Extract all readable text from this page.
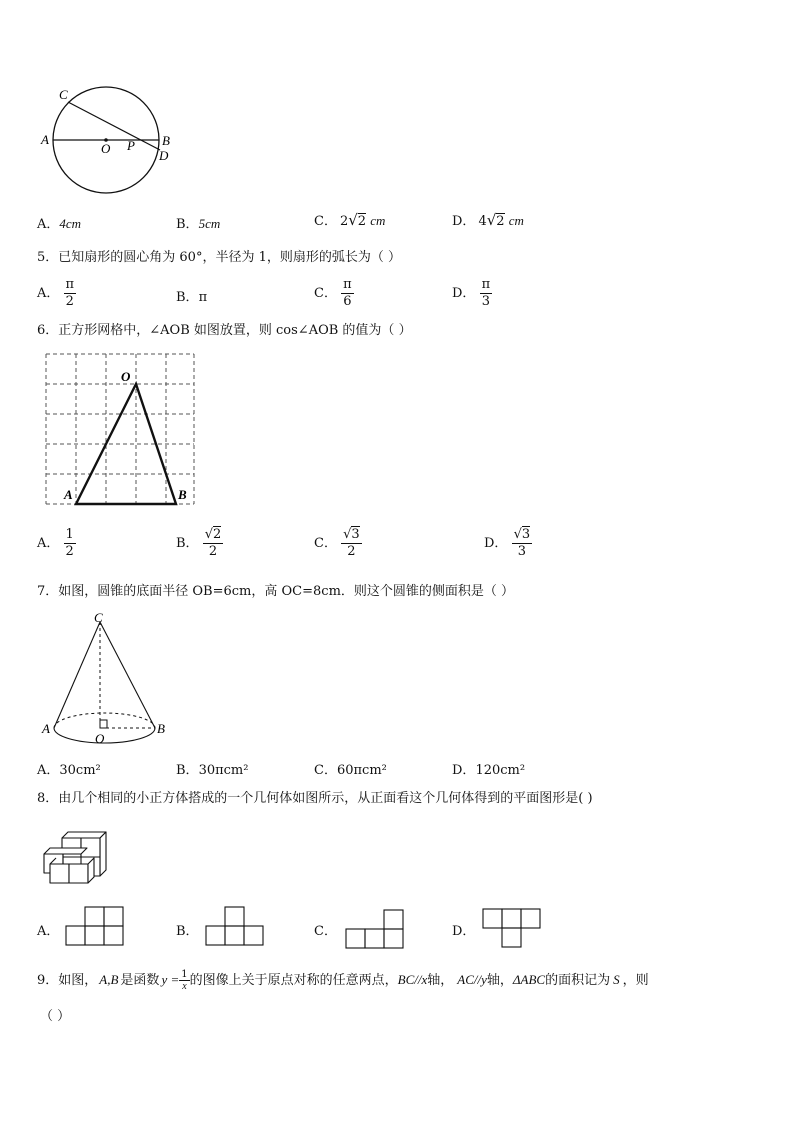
C
A	B
O P
D
A．4cm	B．5cm	C． 2√2 cm	D． 4√2 cm
5．已知扇形的圆心角为 60°，半径为 1，则扇形的弧长为（ ）
A． $\frac{\pi}{2}$	B．π	C． $\frac{\pi}{6}$	D． $\frac{\pi}{3}$
6．正方形网格中，∠AOB 如图放置，则 cos∠AOB 的值为（ ）
O
A	B
A． $\frac{1}{2}$	B． $\frac{√2}{2}$	C． $\frac{√3}{2}$	D． $\frac{√3}{3}$
7．如图，圆锥的底面半径 OB=6cm，高 OC=8cm．则这个圆锥的侧面积是（ ）
C
A	B
O
A．30cm²	B．30πcm²	C．60πcm²	D．120cm²
8．由几个相同的小正方体搭成的一个几何体如图所示，从正面看这个几何体得到的平面图形是( )
A．	B．	C．	D．
9．如图， A,B 是函数 $y = \frac{1}{x}$ 的图像上关于原点对称的任意两点，BC//x轴， AC//y轴，ΔABC的面积记为 S ，则
（ ）
